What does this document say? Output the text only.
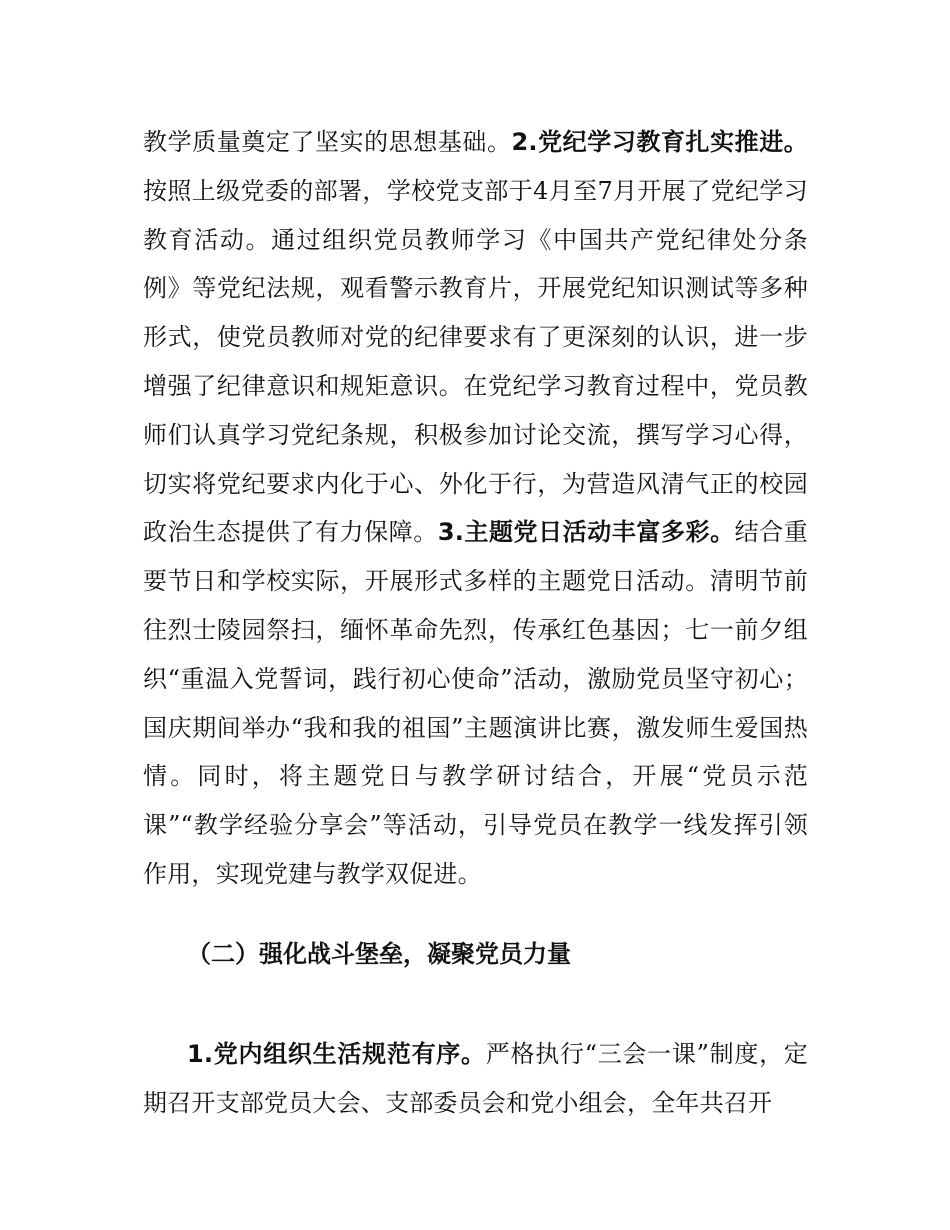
教学质量奠定了坚实的思想基础。2.党纪学习教育扎实推进。按照上级党委的部署，学校党支部于4月至7月开展了党纪学习教育活动。通过组织党员教师学习《中国共产党纪律处分条例》等党纪法规，观看警示教育片，开展党纪知识测试等多种形式，使党员教师对党的纪律要求有了更深刻的认识，进一步增强了纪律意识和规矩意识。在党纪学习教育过程中，党员教师们认真学习党纪条规，积极参加讨论交流，撰写学习心得，切实将党纪要求内化于心、外化于行，为营造风清气正的校园政治生态提供了有力保障。3.主题党日活动丰富多彩。结合重要节日和学校实际，开展形式多样的主题党日活动。清明节前往烈士陵园祭扫，缅怀革命先烈，传承红色基因；七一前夕组织“重温入党誓词，践行初心使命”活动，激励党员坚守初心；国庆期间举办“我和我的祖国”主题演讲比赛，激发师生爱国热情。同时，将主题党日与教学研讨结合，开展“党员示范课”“教学经验分享会”等活动，引导党员在教学一线发挥引领作用，实现党建与教学双促进。

（二）强化战斗堡垒，凝聚党员力量

1.党内组织生活规范有序。严格执行“三会一课”制度，定期召开支部党员大会、支部委员会和党小组会，全年共召开
